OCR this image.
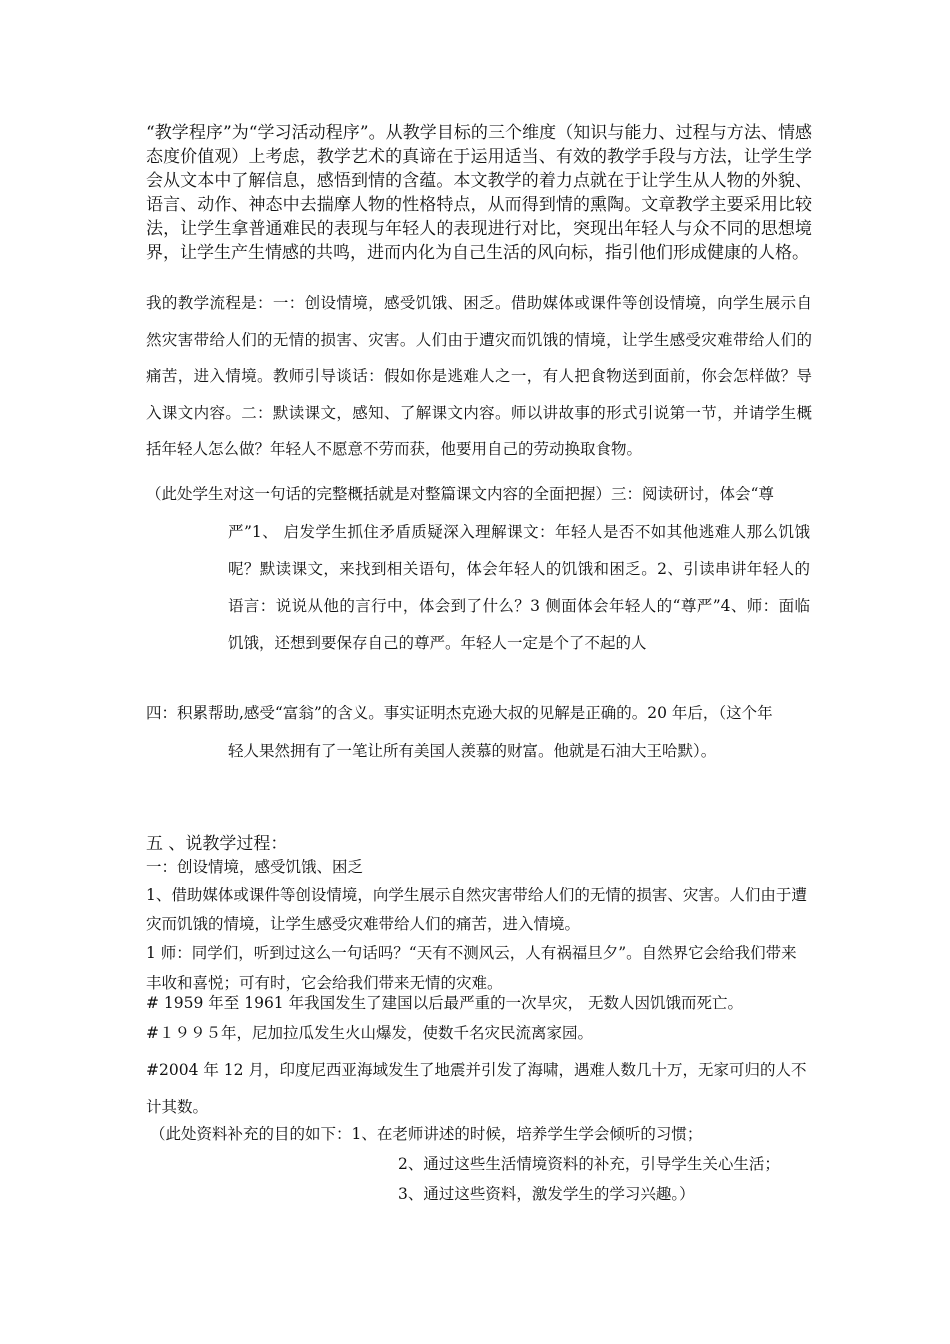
“教学程序”为“学习活动程序”。从教学目标的三个维度（知识与能力、过程与方法、情感态度价值观）上考虑，教学艺术的真谛在于运用适当、有效的教学手段与方法，让学生学会从文本中了解信息，感悟到情的含蕴。本文教学的着力点就在于让学生从人物的外貌、语言、动作、神态中去揣摩人物的性格特点，从而得到情的熏陶。文章教学主要采用比较法，让学生拿普通难民的表现与年轻人的表现进行对比，突现出年轻人与众不同的思想境界，让学生产生情感的共鸣，进而内化为自己生活的风向标，指引他们形成健康的人格。
我的教学流程是：一：创设情境，感受饥饿、困乏。借助媒体或课件等创设情境，向学生展示自然灾害带给人们的无情的损害、灾害。人们由于遭灾而饥饿的情境，让学生感受灾难带给人们的痛苦，进入情境。教师引导谈话：假如你是逃难人之一，有人把食物送到面前，你会怎样做？导入课文内容。二：默读课文，感知、了解课文内容。师以讲故事的形式引说第一节，并请学生概括年轻人怎么做？年轻人不愿意不劳而获，他要用自己的劳动换取食物。
（此处学生对这一句话的完整概括就是对整篇课文内容的全面把握）三：阅读研讨，体会“尊
严”1、 启发学生抓住矛盾质疑深入理解课文：年轻人是否不如其他逃难人那么饥饿呢？默读课文，来找到相关语句，体会年轻人的饥饿和困乏。2、引读串讲年轻人的语言：说说从他的言行中，体会到了什么？3 侧面体会年轻人的“尊严”4、师：面临饥饿，还想到要保存自己的尊严。年轻人一定是个了不起的人
四：积累帮助,感受“富翁”的含义。事实证明杰克逊大叔的见解是正确的。20 年后，（这个年
轻人果然拥有了一笔让所有美国人羡慕的财富。他就是石油大王哈默）。
五 、说教学过程：
一：创设情境，感受饥饿、困乏
1、借助媒体或课件等创设情境，向学生展示自然灾害带给人们的无情的损害、灾害。人们由于遭灾而饥饿的情境，让学生感受灾难带给人们的痛苦，进入情境。
1 师：同学们，听到过这么一句话吗？“天有不测风云，人有祸福旦夕”。自然界它会给我们带来丰收和喜悦；可有时，它会给我们带来无情的灾难。
# 1959 年至 1961 年我国发生了建国以后最严重的一次旱灾， 无数人因饥饿而死亡。
#１９９５年，尼加拉瓜发生火山爆发，使数千名灾民流离家园。
#2004 年 12 月，印度尼西亚海域发生了地震并引发了海啸，遇难人数几十万，无家可归的人不计其数。
（此处资料补充的目的如下：1、在老师讲述的时候，培养学生学会倾听的习惯；
2、通过这些生活情境资料的补充，引导学生关心生活；
3、通过这些资料，激发学生的学习兴趣。）
